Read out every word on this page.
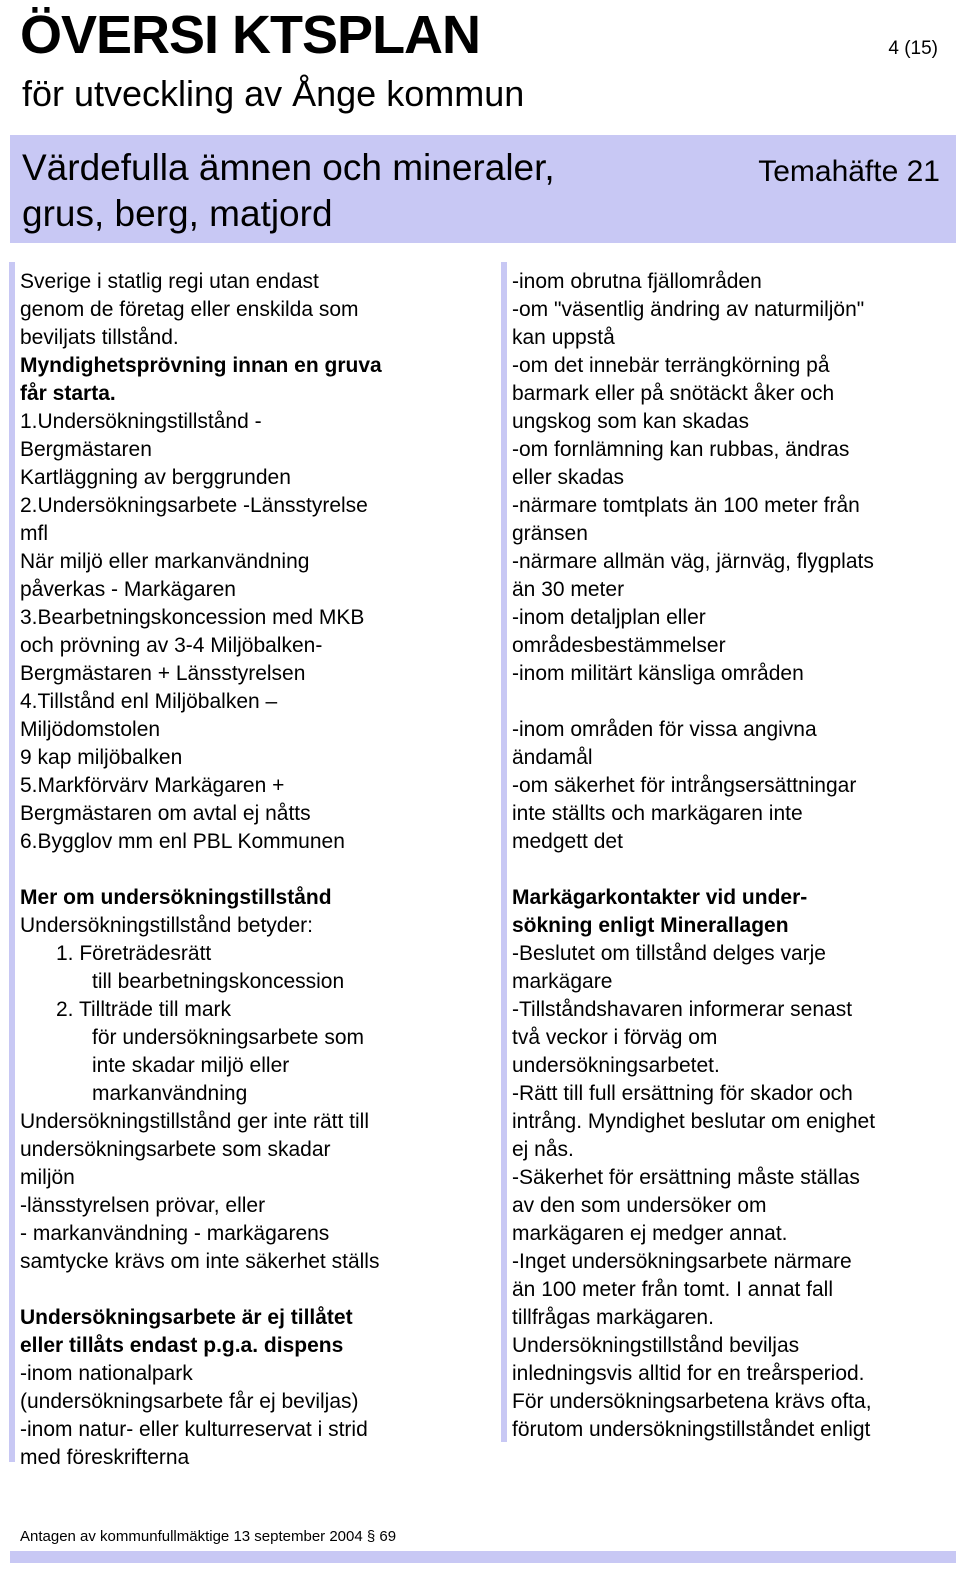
ÖVERSI KTSPLAN
för utveckling av Ånge kommun
4 (15)
Värdefulla ämnen och mineraler,
grus, berg, matjord
Temahäfte 21
Sverige i statlig regi utan endast
genom de företag eller enskilda som
beviljats tillstånd.
Myndighetsprövning innan en gruva
får starta.
1.Undersökningstillstånd -
Bergmästaren
Kartläggning av berggrunden
2.Undersökningsarbete -Länsstyrelse
mfl
När miljö eller markanvändning
påverkas - Markägaren
3.Bearbetningskoncession med MKB
och prövning av 3-4 Miljöbalken-
Bergmästaren + Länsstyrelsen
4.Tillstånd enl Miljöbalken –
Miljödomstolen
9 kap miljöbalken
5.Markförvärv Markägaren +
Bergmästaren om avtal ej nåtts
6.Bygglov mm enl PBL Kommunen
Mer om undersökningstillstånd
Undersökningstillstånd betyder:
1. Företrädesrätt
till bearbetningskoncession
2. Tillträde till mark
för undersökningsarbete som
inte skadar miljö eller
markanvändning
Undersökningstillstånd ger inte rätt till
undersökningsarbete som skadar
miljön
-länsstyrelsen prövar, eller
- markanvändning - markägarens
samtycke krävs om inte säkerhet ställs
Undersökningsarbete är ej tillåtet
eller tillåts endast p.g.a. dispens
-inom nationalpark
(undersökningsarbete får ej beviljas)
-inom natur- eller kulturreservat i strid
med föreskrifterna
-inom obrutna fjällområden
-om "väsentlig ändring av naturmiljön"
kan uppstå
-om det innebär terrängkörning på
barmark eller på snötäckt åker och
ungskog som kan skadas
-om fornlämning kan rubbas, ändras
eller skadas
-närmare tomtplats än 100 meter från
gränsen
-närmare allmän väg, järnväg, flygplats
än 30 meter
-inom detaljplan eller
områdesbestämmelser
-inom militärt känsliga områden
-inom områden för vissa angivna
ändamål
-om säkerhet för intrångsersättningar
inte ställts och markägaren inte
medgett det
Markägarkontakter vid under-
sökning enligt Minerallagen
-Beslutet om tillstånd delges varje
markägare
-Tillståndshavaren informerar senast
två veckor i förväg om
undersökningsarbetet.
-Rätt till full ersättning för skador och
intrång. Myndighet beslutar om enighet
ej nås.
-Säkerhet för ersättning måste ställas
av den som undersöker om
markägaren ej medger annat.
-Inget undersökningsarbete närmare
än 100 meter från tomt. I annat fall
tillfrågas markägaren.
Undersökningstillstånd beviljas
inledningsvis alltid for en treårsperiod.
För undersökningsarbetena krävs ofta,
förutom undersökningstillståndet enligt
Antagen av kommunfullmäktige 13 september 2004 § 69
